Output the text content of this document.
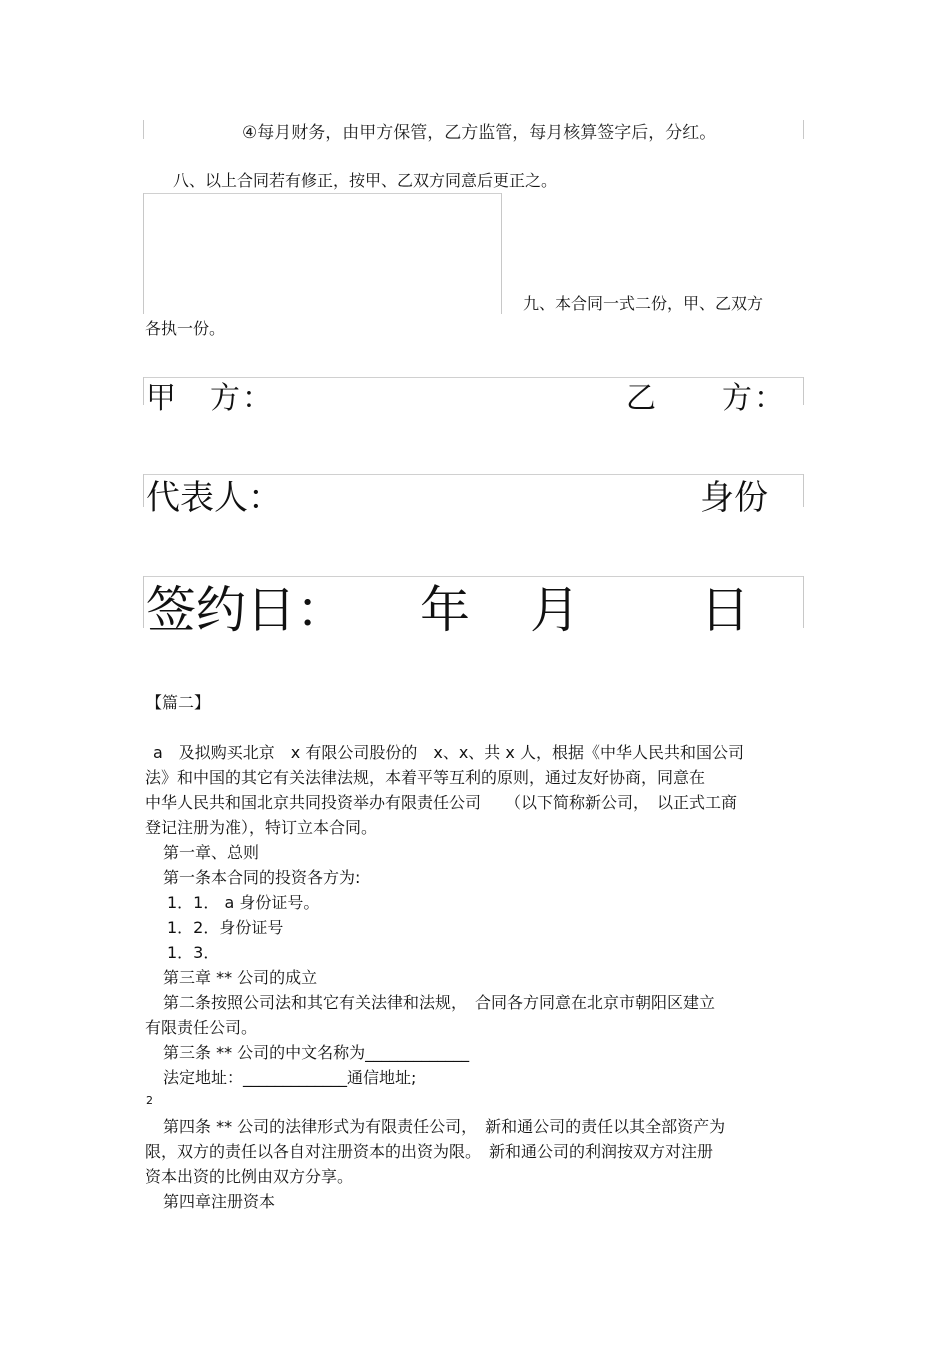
④每月财务，由甲方保管，乙方监管，每月核算签字后，分红。
八、以上合同若有修正，按甲、乙双方同意后更正之。
九、本合同一式二份，甲、乙双方
各执一份。
甲　方：	乙　　方：
代表人：	身份
签约日： 年 月 日
【篇二】
a　及拟购买北京　x 有限公司股份的　x、x、共 x 人，根据《中华人民共和国公司
法》和中国的其它有关法律法规，本着平等互利的原则，通过友好协商，同意在
中华人民共和国北京共同投资举办有限责任公司　　（以下简称新公司，　以正式工商
登记注册为准），特订立本合同。
第一章、总则
第一条本合同的投资各方为:
1．1． a 身份证号。
1．2．身份证号
1．3．
第三章 ** 公司的成立
第二条按照公司法和其它有关法律和法规，　合同各方同意在北京市朝阳区建立
有限责任公司。
第三条 ** 公司的中文名称为_____________
法定地址：_____________通信地址;
2
第四条 ** 公司的法律形式为有限责任公司，　新和通公司的责任以其全部资产为
限，双方的责任以各自对注册资本的出资为限。　新和通公司的利润按双方对注册
资本出资的比例由双方分享。
第四章注册资本
